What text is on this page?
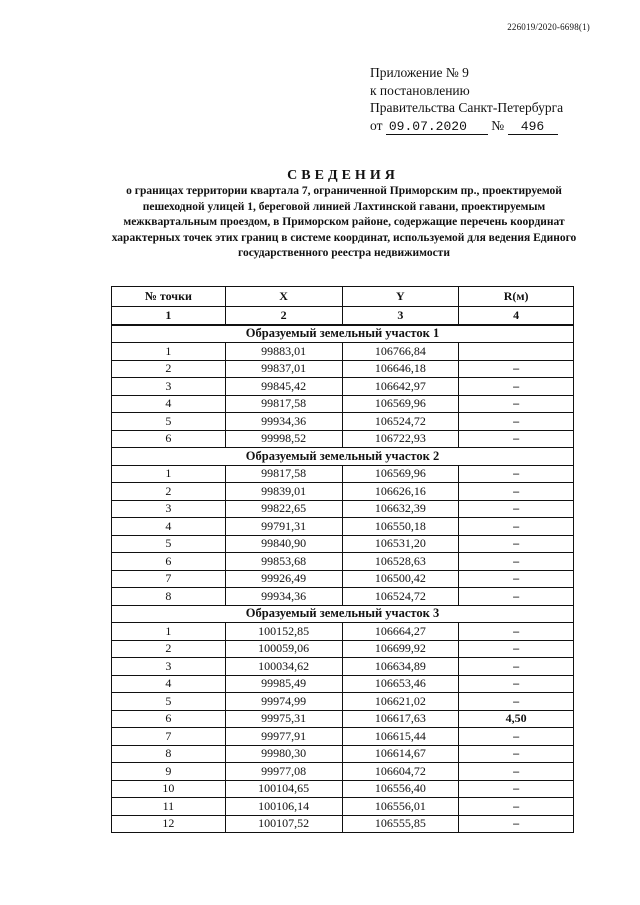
226019/2020-6698(1)
Приложение № 9
к постановлению
Правительства Санкт-Петербурга
от 09.07.2020 № 496
СВЕДЕНИЯ
о границах территории квартала 7, ограниченной Приморским пр., проектируемой пешеходной улицей 1, береговой линией Лахтинской гавани, проектируемым межквартальным проездом, в Приморском районе, содержащие перечень координат характерных точек этих границ в системе координат, используемой для ведения Единого государственного реестра недвижимости
№ точки	X	Y	R(м)
1	2	3	4
Образуемый земельный участок 1			
1	99883,01	106766,84	
2	99837,01	106646,18	–
3	99845,42	106642,97	–
4	99817,58	106569,96	–
5	99934,36	106524,72	–
6	99998,52	106722,93	–
Образуемый земельный участок 2			
1	99817,58	106569,96	–
2	99839,01	106626,16	–
3	99822,65	106632,39	–
4	99791,31	106550,18	–
5	99840,90	106531,20	–
6	99853,68	106528,63	–
7	99926,49	106500,42	–
8	99934,36	106524,72	–
Образуемый земельный участок 3			
1	100152,85	106664,27	–
2	100059,06	106699,92	–
3	100034,62	106634,89	–
4	99985,49	106653,46	–
5	99974,99	106621,02	–
6	99975,31	106617,63	4,50
7	99977,91	106615,44	–
8	99980,30	106614,67	–
9	99977,08	106604,72	–
10	100104,65	106556,40	–
11	100106,14	106556,01	–
12	100107,52	106555,85	–
